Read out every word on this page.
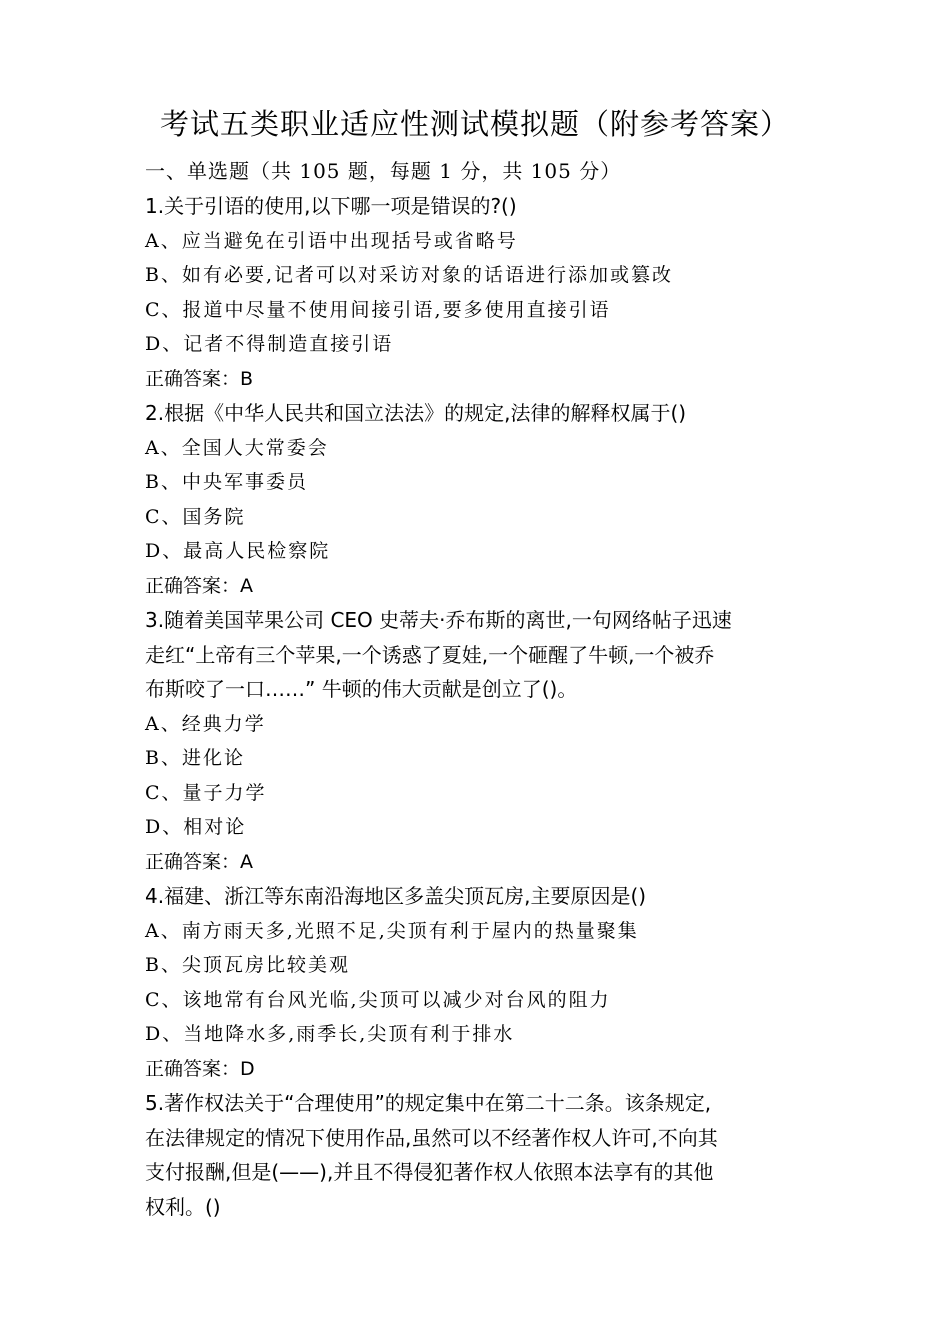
考试五类职业适应性测试模拟题（附参考答案）
一、单选题（共 105 题，每题 1 分，共 105 分）
1.关于引语的使用,以下哪一项是错误的?()
A、应当避免在引语中出现括号或省略号
B、如有必要,记者可以对采访对象的话语进行添加或篡改
C、报道中尽量不使用间接引语,要多使用直接引语
D、记者不得制造直接引语
正确答案：B
2.根据《中华人民共和国立法法》的规定,法律的解释权属于()
A、全国人大常委会
B、中央军事委员
C、国务院
D、最高人民检察院
正确答案：A
3.随着美国苹果公司 CEO 史蒂夫·乔布斯的离世,一句网络帖子迅速
走红“上帝有三个苹果,一个诱惑了夏娃,一个砸醒了牛顿,一个被乔
布斯咬了一口……” 牛顿的伟大贡献是创立了()。
A、经典力学
B、进化论
C、量子力学
D、相对论
正确答案：A
4.福建、浙江等东南沿海地区多盖尖顶瓦房,主要原因是()
A、南方雨天多,光照不足,尖顶有利于屋内的热量聚集
B、尖顶瓦房比较美观
C、该地常有台风光临,尖顶可以减少对台风的阻力
D、当地降水多,雨季长,尖顶有利于排水
正确答案：D
5.著作权法关于“合理使用”的规定集中在第二十二条。该条规定,
在法律规定的情况下使用作品,虽然可以不经著作权人许可,不向其
支付报酬,但是(——),并且不得侵犯著作权人依照本法享有的其他
权利。()
